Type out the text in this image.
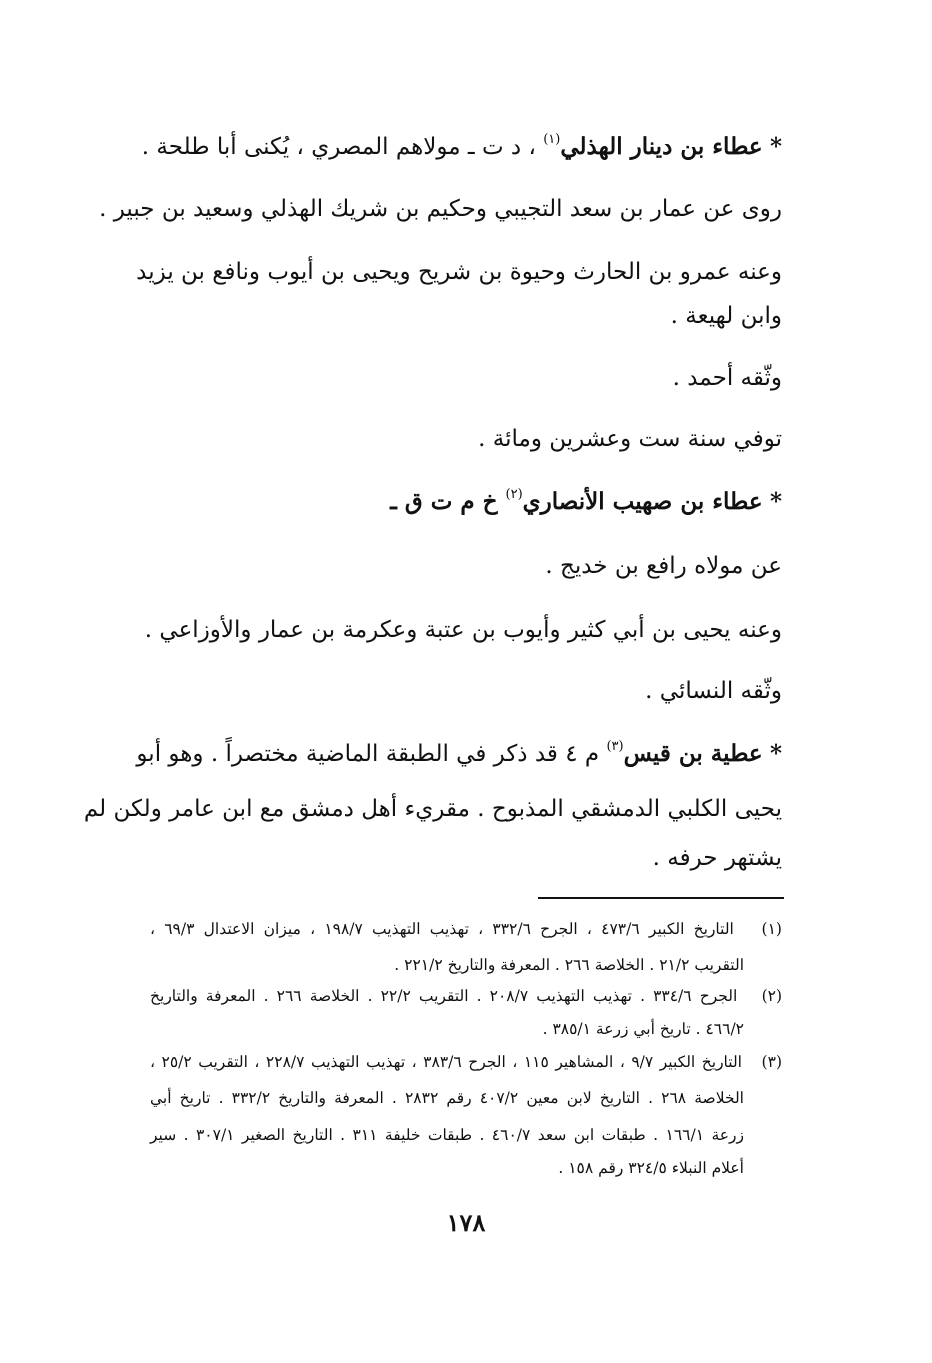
* عطاء بن دينار الهذلي$^{(١)}$ ، د ت ـ مولاهم المصري ، يُكنى أبا طلحة .
روى عن عمار بن سعد التجيبي وحكيم بن شريك الهذلي وسعيد بن جبير .
وعنه عمرو بن الحارث وحيوة بن شريح ويحيى بن أيوب ونافع بن يزيد
وابن لهيعة .
وثّقه أحمد .
توفي سنة ست وعشرين ومائة .
* عطاء بن صهيب الأنصاري$^{(٢)}$ خ م ت ق ـ
عن مولاه رافع بن خديج .
وعنه يحيى بن أبي كثير وأيوب بن عتبة وعكرمة بن عمار والأوزاعي .
وثّقه النسائي .
* عطية بن قيس$^{(٣)}$ م ٤ قد ذكر في الطبقة الماضية مختصراً . وهو أبو
يحيى الكلبي الدمشقي المذبوح . مقريء أهل دمشق مع ابن عامر ولكن لم
يشتهر حرفه .
(١)   التاريخ الكبير ٤٧٣/٦ ، الجرح ٣٣٢/٦ ، تهذيب التهذيب ١٩٨/٧ ، ميزان الاعتدال ٦٩/٣ ،
التقريب ٢١/٢ . الخلاصة ٢٦٦ . المعرفة والتاريخ ٢٢١/٢ .
(٢)   الجرح ٣٣٤/٦ . تهذيب التهذيب ٢٠٨/٧ . التقريب ٢٢/٢ . الخلاصة ٢٦٦ . المعرفة والتاريخ
٤٦٦/٢ . تاريخ أبي زرعة ٣٨٥/١ .
(٣)   التاريخ الكبير ٩/٧ ، المشاهير ١١٥ ، الجرح ٣٨٣/٦ ، تهذيب التهذيب ٢٢٨/٧ ، التقريب ٢٥/٢ ،
الخلاصة ٢٦٨ . التاريخ لابن معين ٤٠٧/٢ رقم ٢٨٣٢ . المعرفة والتاريخ ٣٣٢/٢ . تاريخ أبي
زرعة ١٦٦/١ . طبقات ابن سعد ٤٦٠/٧ . طبقات خليفة ٣١١ . التاريخ الصغير ٣٠٧/١ . سير
أعلام النبلاء ٣٢٤/٥ رقم ١٥٨ .
١٧٨
